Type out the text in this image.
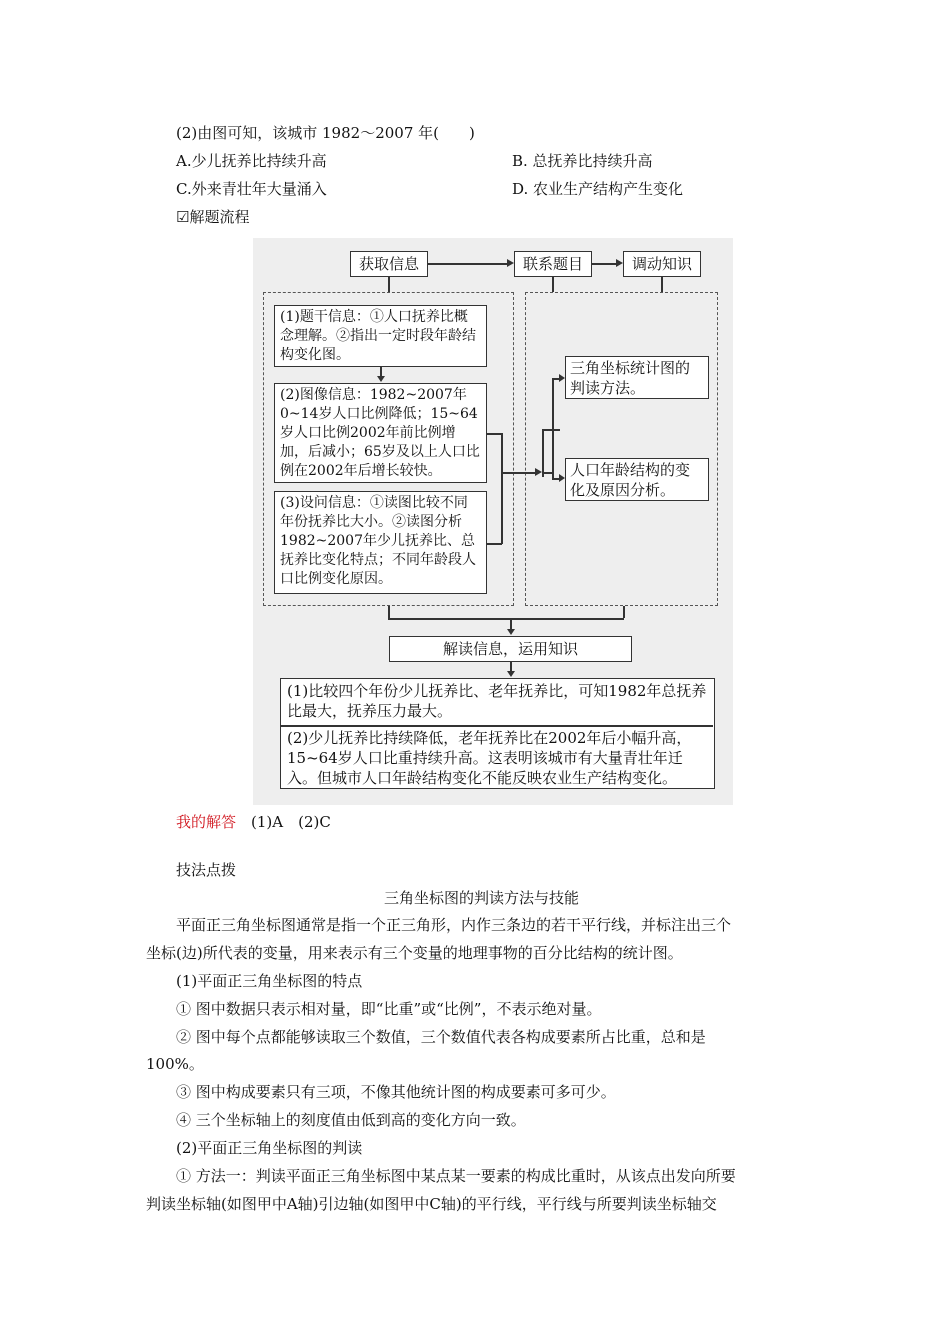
(2)由图可知，该城市 1982～2007 年(　　)
A.少儿抚养比持续升高	B. 总抚养比持续升高
C.外来青壮年大量涌入	D. 农业生产结构产生变化
☑解题流程
获取信息	联系题目	调动知识
(1)题干信息：①人口抚养比概念理解。②指出一定时段年龄结构变化图。
(2)图像信息：1982~2007年0~14岁人口比例降低；15~64岁人口比例2002年前比例增加，后减小；65岁及以上人口比例在2002年后增长较快。
(3)设问信息：①读图比较不同年份抚养比大小。②读图分析1982~2007年少儿抚养比、总抚养比变化特点；不同年龄段人口比例变化原因。
三角坐标统计图的判读方法。
人口年龄结构的变化及原因分析。
解读信息，运用知识
(1)比较四个年份少儿抚养比、老年抚养比，可知1982年总抚养比最大，抚养压力最大。
(2)少儿抚养比持续降低，老年抚养比在2002年后小幅升高，15~64岁人口比重持续升高。这表明该城市有大量青壮年迁入。但城市人口年龄结构变化不能反映农业生产结构变化。
我的解答　 (1)A　(2)C
技法点拨
三角坐标图的判读方法与技能
平面正三角坐标图通常是指一个正三角形，内作三条边的若干平行线，并标注出三个
坐标(边)所代表的变量，用来表示有三个变量的地理事物的百分比结构的统计图。
(1)平面正三角坐标图的特点
① 图中数据只表示相对量，即“比重”或“比例”，不表示绝对量。
② 图中每个点都能够读取三个数值，三个数值代表各构成要素所占比重，总和是
100%。
③ 图中构成要素只有三项，不像其他统计图的构成要素可多可少。
④ 三个坐标轴上的刻度值由低到高的变化方向一致。
(2)平面正三角坐标图的判读
① 方法一：判读平面正三角坐标图中某点某一要素的构成比重时，从该点出发向所要
判读坐标轴(如图甲中A轴)引边轴(如图甲中C轴)的平行线，平行线与所要判读坐标轴交
